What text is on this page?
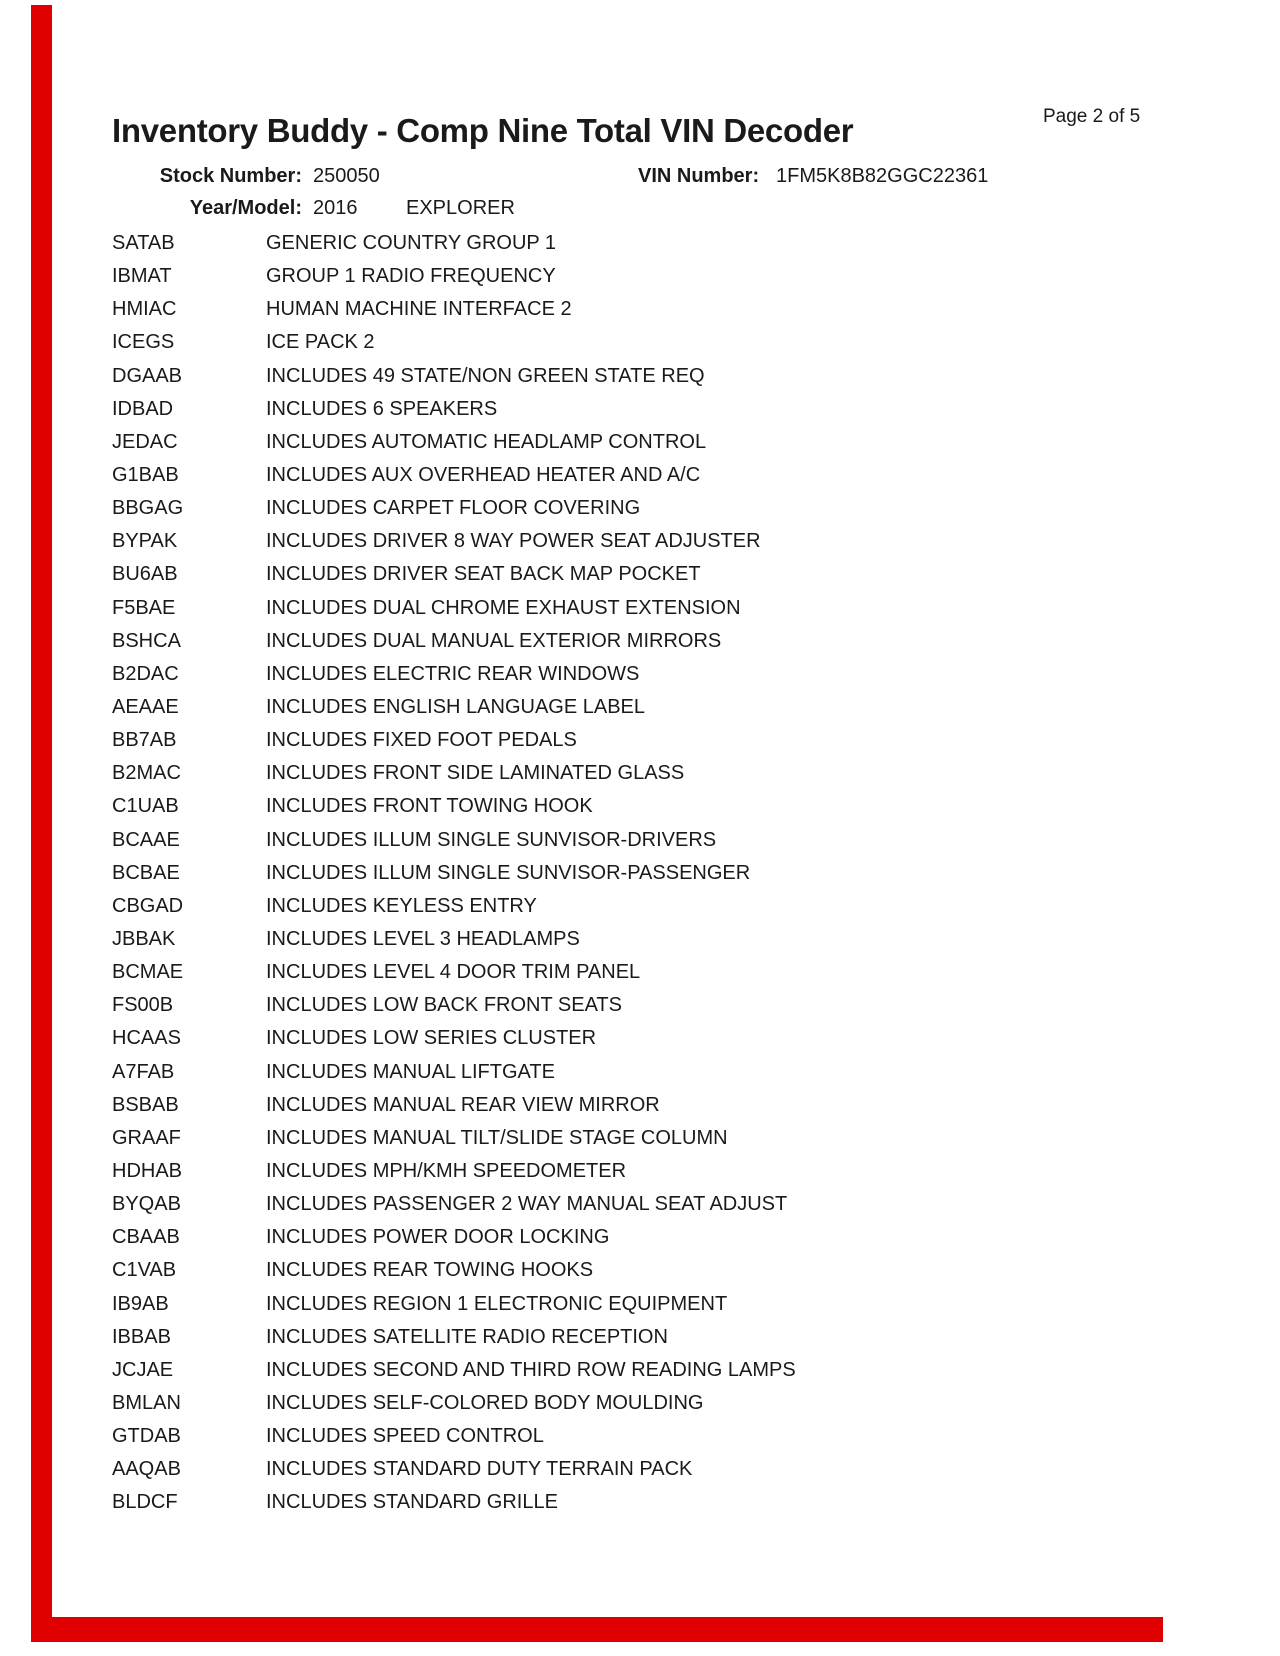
Page 2 of 5
Inventory Buddy - Comp Nine Total VIN Decoder
Stock Number: 250050	VIN Number: 1FM5K8B82GGC22361
Year/Model: 2016 EXPLORER
SATAB	GENERIC COUNTRY GROUP 1
IBMAT	GROUP 1 RADIO FREQUENCY
HMIAC	HUMAN MACHINE INTERFACE 2
ICEGS	ICE PACK 2
DGAAB	INCLUDES 49 STATE/NON GREEN STATE REQ
IDBAD	INCLUDES 6 SPEAKERS
JEDAC	INCLUDES AUTOMATIC HEADLAMP CONTROL
G1BAB	INCLUDES AUX OVERHEAD HEATER AND A/C
BBGAG	INCLUDES CARPET FLOOR COVERING
BYPAK	INCLUDES DRIVER 8 WAY POWER SEAT ADJUSTER
BU6AB	INCLUDES DRIVER SEAT BACK MAP POCKET
F5BAE	INCLUDES DUAL CHROME EXHAUST EXTENSION
BSHCA	INCLUDES DUAL MANUAL EXTERIOR MIRRORS
B2DAC	INCLUDES ELECTRIC REAR WINDOWS
AEAAE	INCLUDES ENGLISH LANGUAGE LABEL
BB7AB	INCLUDES FIXED FOOT PEDALS
B2MAC	INCLUDES FRONT SIDE LAMINATED GLASS
C1UAB	INCLUDES FRONT TOWING HOOK
BCAAE	INCLUDES ILLUM SINGLE SUNVISOR-DRIVERS
BCBAE	INCLUDES ILLUM SINGLE SUNVISOR-PASSENGER
CBGAD	INCLUDES KEYLESS ENTRY
JBBAK	INCLUDES LEVEL 3 HEADLAMPS
BCMAE	INCLUDES LEVEL 4 DOOR TRIM PANEL
FS00B	INCLUDES LOW BACK FRONT SEATS
HCAAS	INCLUDES LOW SERIES CLUSTER
A7FAB	INCLUDES MANUAL LIFTGATE
BSBAB	INCLUDES MANUAL REAR VIEW MIRROR
GRAAF	INCLUDES MANUAL TILT/SLIDE STAGE COLUMN
HDHAB	INCLUDES MPH/KMH SPEEDOMETER
BYQAB	INCLUDES PASSENGER 2 WAY MANUAL SEAT ADJUST
CBAAB	INCLUDES POWER DOOR LOCKING
C1VAB	INCLUDES REAR TOWING HOOKS
IB9AB	INCLUDES REGION 1 ELECTRONIC EQUIPMENT
IBBAB	INCLUDES SATELLITE RADIO RECEPTION
JCJAE	INCLUDES SECOND AND THIRD ROW READING LAMPS
BMLAN	INCLUDES SELF-COLORED BODY MOULDING
GTDAB	INCLUDES SPEED CONTROL
AAQAB	INCLUDES STANDARD DUTY TERRAIN PACK
BLDCF	INCLUDES STANDARD GRILLE
